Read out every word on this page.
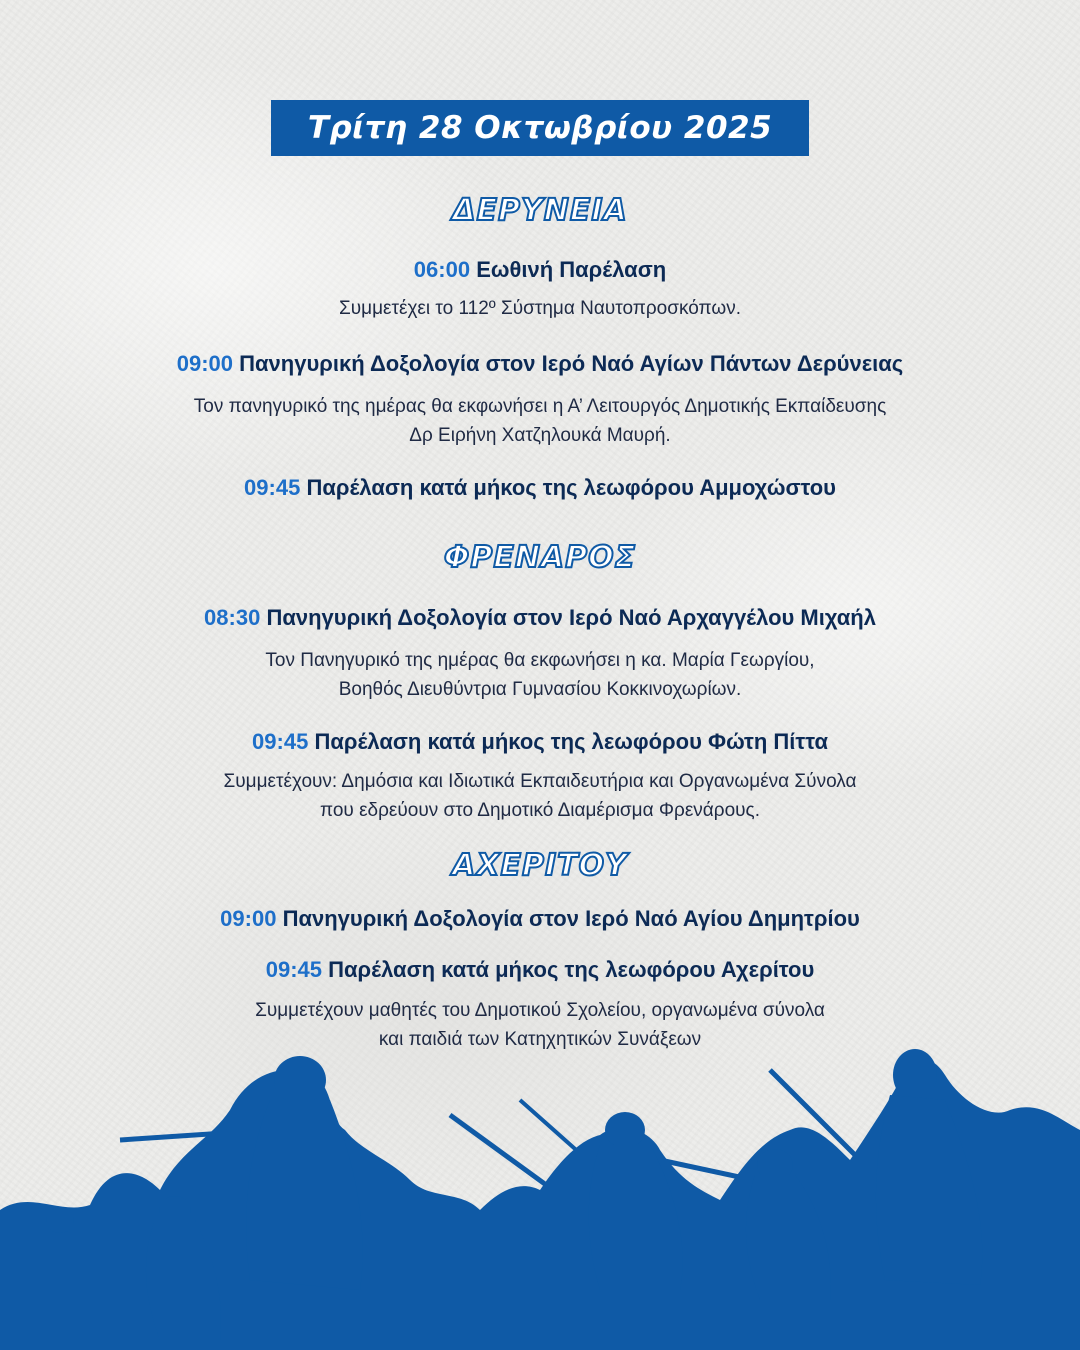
Τρίτη 28 Οκτωβρίου 2025
ΔΕΡΥΝΕΙΑ
06:00 Εωθινή Παρέλαση
Συμμετέχει το 112º Σύστημα Ναυτοπροσκόπων.
09:00 Πανηγυρική Δοξολογία στον Ιερό Ναό Αγίων Πάντων Δερύνειας
Τον πανηγυρικό της ημέρας θα εκφωνήσει η Α’ Λειτουργός Δημοτικής Εκπαίδευσης
Δρ Ειρήνη Χατζηλουκά Μαυρή.
09:45 Παρέλαση κατά μήκος της λεωφόρου Αμμοχώστου
ΦΡΕΝΑΡΟΣ
08:30 Πανηγυρική Δοξολογία στον Ιερό Ναό Αρχαγγέλου Μιχαήλ
Τον Πανηγυρικό της ημέρας θα εκφωνήσει η κα. Μαρία Γεωργίου,
Βοηθός Διευθύντρια Γυμνασίου Κοκκινοχωρίων.
09:45 Παρέλαση κατά μήκος της λεωφόρου Φώτη Πίττα
Συμμετέχουν: Δημόσια και Ιδιωτικά Εκπαιδευτήρια και Οργανωμένα Σύνολα
που εδρεύουν στο Δημοτικό Διαμέρισμα Φρενάρους.
ΑΧΕΡΙΤΟΥ
09:00 Πανηγυρική Δοξολογία στον Ιερό Ναό Αγίου Δημητρίου
09:45 Παρέλαση κατά μήκος της λεωφόρου Αχερίτου
Συμμετέχουν μαθητές του Δημοτικού Σχολείου, οργανωμένα σύνολα
και παιδιά των Κατηχητικών Συνάξεων
